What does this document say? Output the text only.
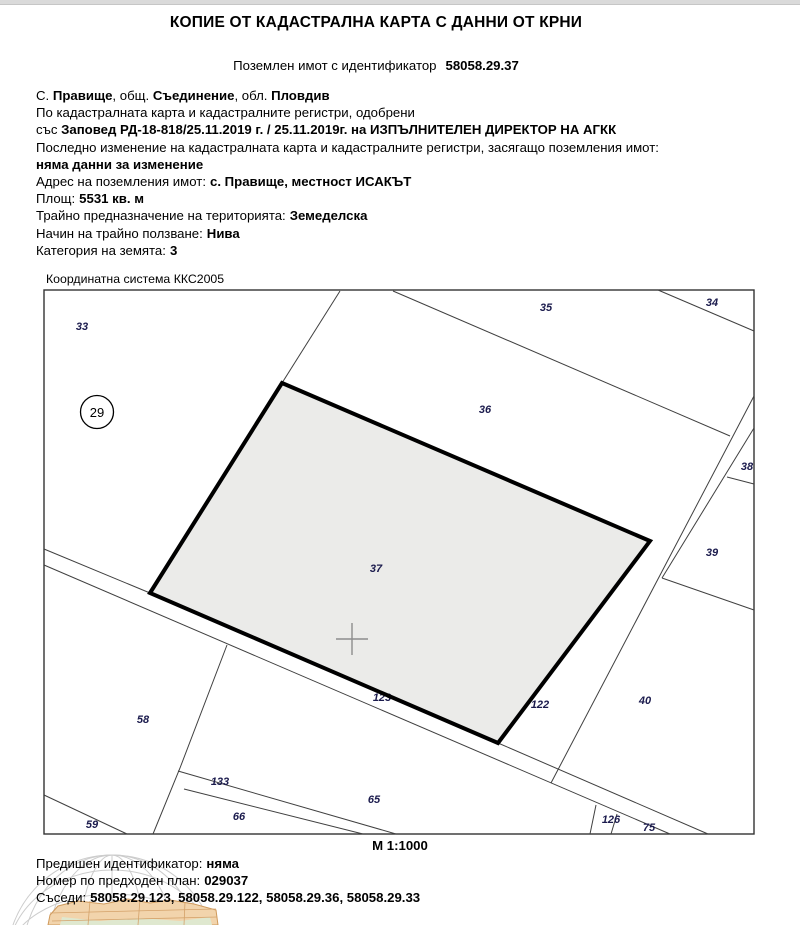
КОПИЕ ОТ КАДАСТРАЛНА КАРТА С ДАННИ ОТ КРНИ
Поземлен имот с идентификатор 58058.29.37
С. Правище, общ. Съединение, обл. Пловдив
По кадастралната карта и кадастралните регистри, одобрени
със Заповед РД-18-818/25.11.2019 г. / 25.11.2019г. на ИЗПЪЛНИТЕЛЕН ДИРЕКТОР НА АГКК
Последно изменение на кадастралната карта и кадастралните регистри, засягащо поземления имот:
няма данни за изменение
Адрес на поземления имот: с. Правище, местност ИСАКЪТ
Площ: 5531 кв. м
Трайно предназначение на територията: Земеделска
Начин на трайно ползване: Нива
Категория на земята: 3
Координатна система ККС2005
33
35	34
36
38
39
37
40
58
123
122
133
66
65
59	126
75
29
М 1:1000
Предишен идентификатор: няма
Номер по предходен план: 029037
Съседи: 58058.29.123, 58058.29.122, 58058.29.36, 58058.29.33
